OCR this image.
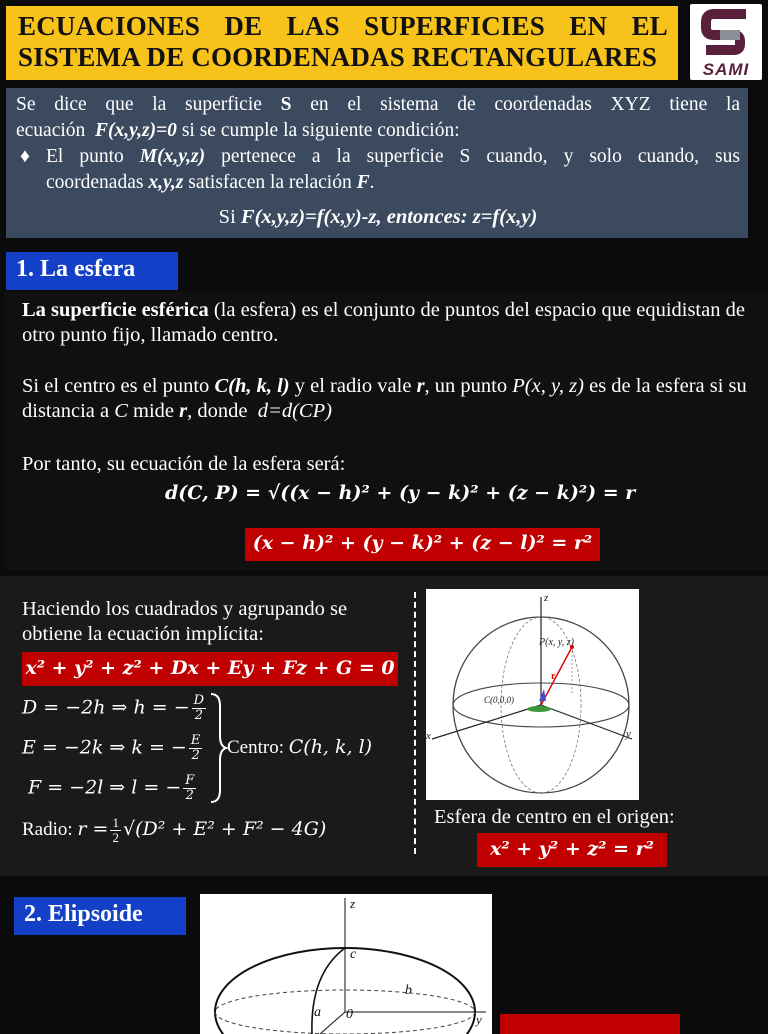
ECUACIONES DE LAS SUPERFICIES EN EL
SISTEMA DE COORDENADAS RECTANGULARES	SAMI
Se dice que la superficie S en el sistema de coordenadas XYZ tiene la
ecuación F(x,y,z)=0 si se cumple la siguiente condición:
♦ El punto M(x,y,z) pertenece a la superficie S cuando, y solo cuando, sus
coordenadas x,y,z satisfacen la relación F.
Si F(x,y,z)=f(x,y)-z, entonces: z=f(x,y)
1. La esfera
La superficie esférica (la esfera) es el conjunto de puntos del espacio que equidistan de otro punto fijo, llamado centro.
Si el centro es el punto C(h, k, l) y el radio vale r, un punto P(x, y, z) es de la esfera si su distancia a C mide r, donde d=d(CP)
Por tanto, su ecuación de la esfera será:
d(C, P) = √((x − h)² + (y − k)² + (z − k)²) = r
(x − h)² + (y − k)² + (z − l)² = r²
Haciendo los cuadrados y agrupando se obtiene la ecuación implícita:
x² + y² + z² + Dx + Ey + Fz + G = 0
D = −2h ⇒ h = − $\frac{D}{2}$
E = −2k ⇒ k = − $\frac{E}{2}$
F = −2l ⇒ l = − $\frac{F}{2}$
Centro: C(h, k, l)
Radio: $r = \frac{1}{2} √(D^2 + E^2 + F^2 - 4G)$
z
y
x
P(x, y, z)
r
C(0,0,0)
Esfera de centro en el origen:
x² + y² + z² = r²
2. Elipsoide	z
c
b
a 0	y
